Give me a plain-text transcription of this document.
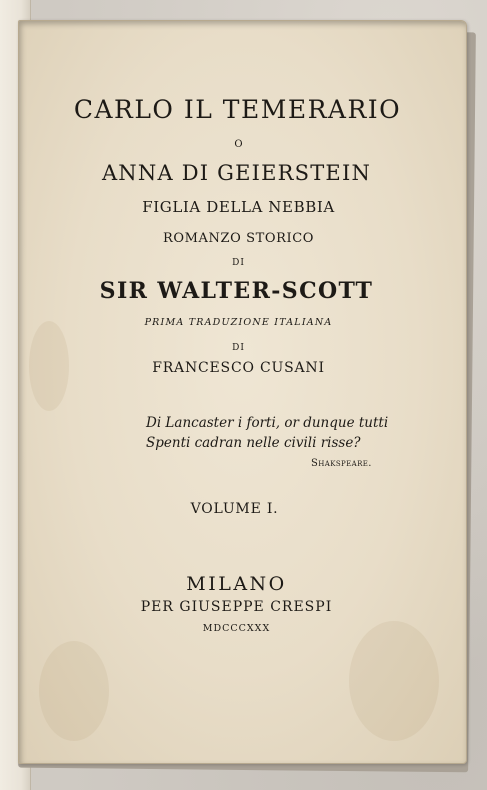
CARLO IL TEMERARIO
O
ANNA DI GEIERSTEIN
FIGLIA DELLA NEBBIA
ROMANZO STORICO
DI
SIR WALTER-SCOTT
PRIMA TRADUZIONE ITALIANA
DI
FRANCESCO CUSANI
Di Lancaster i forti, or dunque tutti
Spenti cadran nelle civili risse?
Shakspeare.
VOLUME I.
MILANO
PER GIUSEPPE CRESPI
MDCCCXXX
